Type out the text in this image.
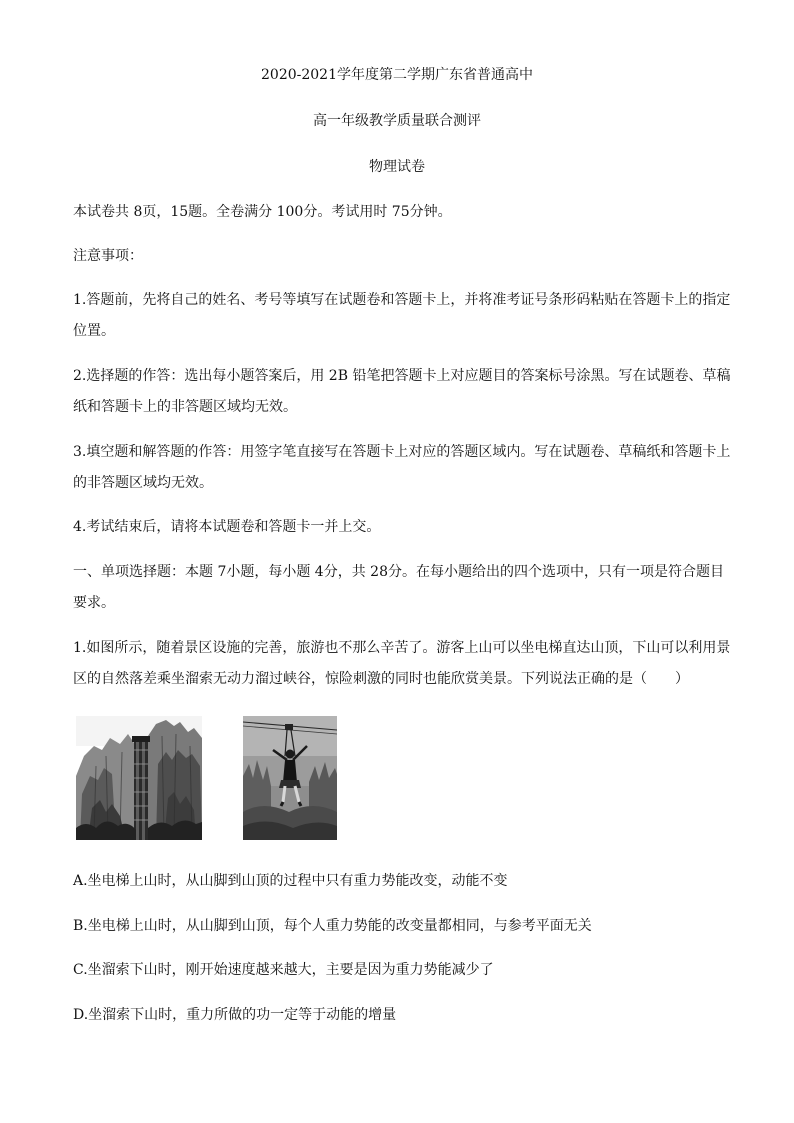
2020-2021学年度第二学期广东省普通高中
高一年级教学质量联合测评
物理试卷
本试卷共 8页，15题。全卷满分 100分。考试用时 75分钟。
注意事项：
1.答题前，先将自己的姓名、考号等填写在试题卷和答题卡上，并将准考证号条形码粘贴在答题卡上的指定
位置。
2.选择题的作答：选出每小题答案后，用 2B 铅笔把答题卡上对应题目的答案标号涂黑。写在试题卷、草稿
纸和答题卡上的非答题区域均无效。
3.填空题和解答题的作答：用签字笔直接写在答题卡上对应的答题区域内。写在试题卷、草稿纸和答题卡上
的非答题区域均无效。
4.考试结束后，请将本试题卷和答题卡一并上交。
一、单项选择题：本题 7小题，每小题 4分，共 28分。在每小题给出的四个选项中，只有一项是符合题目
要求。
1.如图所示，随着景区设施的完善，旅游也不那么辛苦了。游客上山可以坐电梯直达山顶，下山可以利用景
区的自然落差乘坐溜索无动力溜过峡谷，惊险刺激的同时也能欣赏美景。下列说法正确的是（　　）
A.坐电梯上山时，从山脚到山顶的过程中只有重力势能改变，动能不变
B.坐电梯上山时，从山脚到山顶，每个人重力势能的改变量都相同，与参考平面无关
C.坐溜索下山时，刚开始速度越来越大，主要是因为重力势能减少了
D.坐溜索下山时，重力所做的功一定等于动能的增量
